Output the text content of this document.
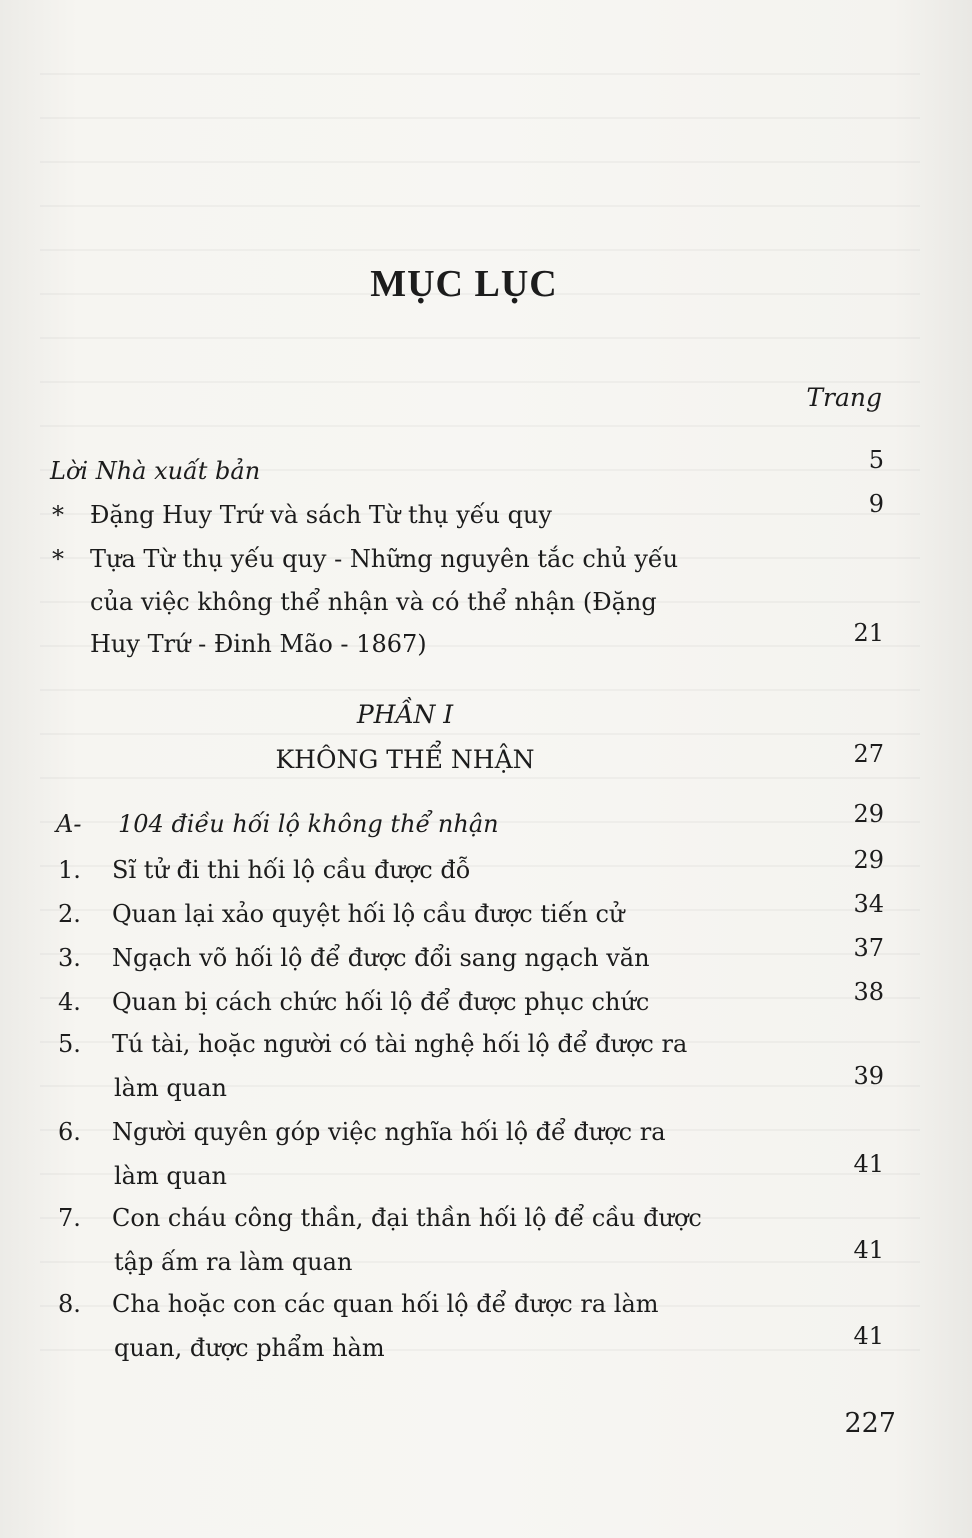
MỤC LỤC
Trang
Lời Nhà xuất bản	5
* Đặng Huy Trứ và sách Từ thụ yếu quy	9
* Tựa Từ thụ yếu quy - Những nguyên tắc chủ yếu
của việc không thể nhận và có thể nhận (Đặng
Huy Trứ - Đinh Mão - 1867)	21
PHẦN I
KHÔNG THỂ NHẬN	27
A- 104 điều hối lộ không thể nhận	29
1. Sĩ tử đi thi hối lộ cầu được đỗ	29
2. Quan lại xảo quyệt hối lộ cầu được tiến cử	34
3. Ngạch võ hối lộ để được đổi sang ngạch văn	37
4. Quan bị cách chức hối lộ để được phục chức	38
5. Tú tài, hoặc người có tài nghệ hối lộ để được ra
làm quan	39
6. Người quyên góp việc nghĩa hối lộ để được ra
làm quan	41
7. Con cháu công thần, đại thần hối lộ để cầu được
tập ấm ra làm quan	41
8. Cha hoặc con các quan hối lộ để được ra làm
quan, được phẩm hàm	41
227
